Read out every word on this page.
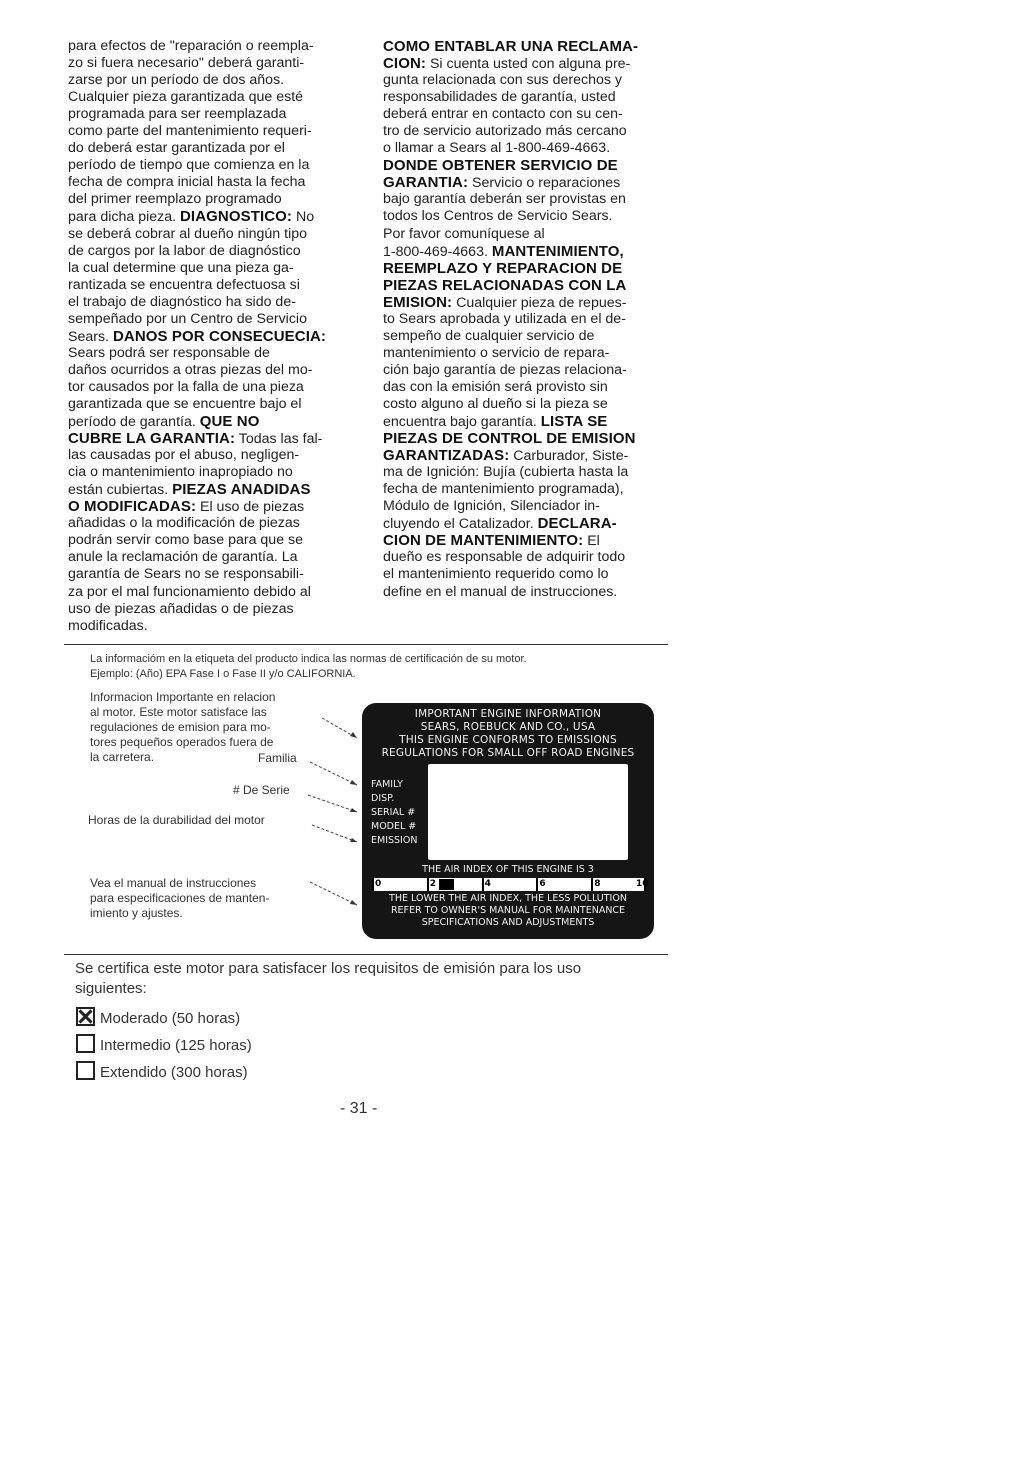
para efectos de "reparación o reempla-
zo si fuera necesario" deberá garanti-
zarse por un período de dos años.
Cualquier pieza garantizada que esté
programada para ser reemplazada
como parte del mantenimiento requeri-
do deberá estar garantizada por el
período de tiempo que comienza en la
fecha de compra inicial hasta la fecha
del primer reemplazo programado
para dicha pieza. DIAGNOSTICO: No
se deberá cobrar al dueño ningún tipo
de cargos por la labor de diagnóstico
la cual determine que una pieza ga-
rantizada se encuentra defectuosa si
el trabajo de diagnóstico ha sido de-
sempeñado por un Centro de Servicio
Sears. DANOS POR CONSECUECIA:
Sears podrá ser responsable de
daños ocurridos a otras piezas del mo-
tor causados por la falla de una pieza
garantizada que se encuentre bajo el
período de garantía. QUE NO
CUBRE LA GARANTIA: Todas las fal-
las causadas por el abuso, negligen-
cia o mantenimiento inapropiado no
están cubiertas. PIEZAS ANADIDAS
O MODIFICADAS: El uso de piezas
añadidas o la modificación de piezas
podrán servir como base para que se
anule la reclamación de garantía. La
garantía de Sears no se responsabili-
za por el mal funcionamiento debido al
uso de piezas añadidas o de piezas
modificadas.
COMO ENTABLAR UNA RECLAMA-
CION: Si cuenta usted con alguna pre-
gunta relacionada con sus derechos y
responsabilidades de garantía, usted
deberá entrar en contacto con su cen-
tro de servicio autorizado más cercano
o llamar a Sears al 1-800-469-4663.
DONDE OBTENER SERVICIO DE
GARANTIA: Servicio o reparaciones
bajo garantía deberán ser provistas en
todos los Centros de Servicio Sears.
Por favor comuníquese al
1-800-469-4663. MANTENIMIENTO,
REEMPLAZO Y REPARACION DE
PIEZAS RELACIONADAS CON LA
EMISION: Cualquier pieza de repues-
to Sears aprobada y utilizada en el de-
sempeño de cualquier servicio de
mantenimiento o servicio de repara-
ción bajo garantía de piezas relaciona-
das con la emisión será provisto sin
costo alguno al dueño si la pieza se
encuentra bajo garantía. LISTA SE
PIEZAS DE CONTROL DE EMISION
GARANTIZADAS: Carburador, Siste-
ma de Ignición: Bujía (cubierta hasta la
fecha de mantenimiento programada),
Módulo de Ignición, Silenciador in-
cluyendo el Catalizador. DECLARA-
CION DE MANTENIMIENTO: El
dueño es responsable de adquirir todo
el mantenimiento requerido como lo
define en el manual de instrucciones.
La informacióm en la etiqueta del producto indica las normas de certificación de su motor.
Ejemplo: (Año) EPA Fase I o Fase II y/o CALIFORNIA.
Informacion Importante en relacion
al motor. Este motor satisface las
regulaciones de emision para mo-
tores pequeños operados fuera de
la carretera.	Familia
# De Serie
Horas de la durabilidad del motor
Vea el manual de instrucciones
para especificaciones de manten-
imiento y ajustes.
IMPORTANT ENGINE INFORMATION
SEARS, ROEBUCK AND CO., USA
THIS ENGINE CONFORMS TO EMISSIONS
REGULATIONS FOR SMALL OFF ROAD ENGINES
FAMILY
DISP.
SERIAL #
MODEL #
EMISSION
THE AIR INDEX OF THIS ENGINE IS 3
0	2	4	6	8	10
THE LOWER THE AIR INDEX, THE LESS POLLUTION
REFER TO OWNER'S MANUAL FOR MAINTENANCE
SPECIFICATIONS AND ADJUSTMENTS
Se certifica este motor para satisfacer los requisitos de emisión para los uso
siguientes:
Moderado (50 horas)
Intermedio (125 horas)
Extendido (300 horas)
- 31 -
